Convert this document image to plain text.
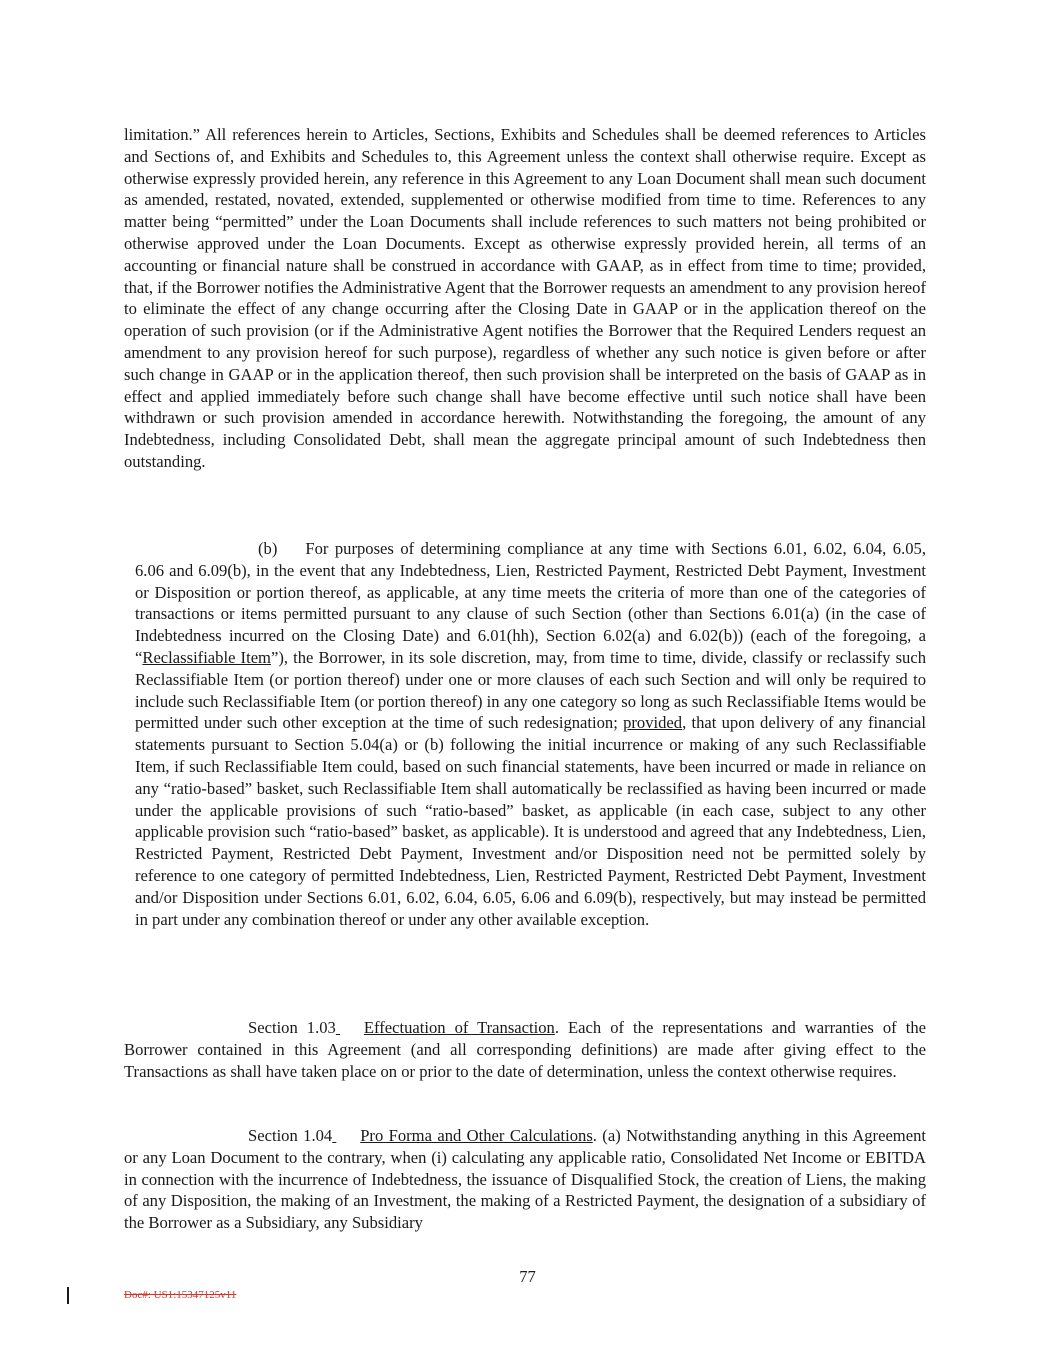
limitation.” All references herein to Articles, Sections, Exhibits and Schedules shall be deemed references to Articles and Sections of, and Exhibits and Schedules to, this Agreement unless the context shall otherwise require. Except as otherwise expressly provided herein, any reference in this Agreement to any Loan Document shall mean such document as amended, restated, novated, extended, supplemented or otherwise modified from time to time. References to any matter being “permitted” under the Loan Documents shall include references to such matters not being prohibited or otherwise approved under the Loan Documents. Except as otherwise expressly provided herein, all terms of an accounting or financial nature shall be construed in accordance with GAAP, as in effect from time to time; provided, that, if the Borrower notifies the Administrative Agent that the Borrower requests an amendment to any provision hereof to eliminate the effect of any change occurring after the Closing Date in GAAP or in the application thereof on the operation of such provision (or if the Administrative Agent notifies the Borrower that the Required Lenders request an amendment to any provision hereof for such purpose), regardless of whether any such notice is given before or after such change in GAAP or in the application thereof, then such provision shall be interpreted on the basis of GAAP as in effect and applied immediately before such change shall have become effective until such notice shall have been withdrawn or such provision amended in accordance herewith. Notwithstanding the foregoing, the amount of any Indebtedness, including Consolidated Debt, shall mean the aggregate principal amount of such Indebtedness then outstanding.

(b) For purposes of determining compliance at any time with Sections 6.01, 6.02, 6.04, 6.05, 6.06 and 6.09(b), in the event that any Indebtedness, Lien, Restricted Payment, Restricted Debt Payment, Investment or Disposition or portion thereof, as applicable, at any time meets the criteria of more than one of the categories of transactions or items permitted pursuant to any clause of such Section (other than Sections 6.01(a) (in the case of Indebtedness incurred on the Closing Date) and 6.01(hh), Section 6.02(a) and 6.02(b)) (each of the foregoing, a “Reclassifiable Item”), the Borrower, in its sole discretion, may, from time to time, divide, classify or reclassify such Reclassifiable Item (or portion thereof) under one or more clauses of each such Section and will only be required to include such Reclassifiable Item (or portion thereof) in any one category so long as such Reclassifiable Items would be permitted under such other exception at the time of such redesignation; provided, that upon delivery of any financial statements pursuant to Section 5.04(a) or (b) following the initial incurrence or making of any such Reclassifiable Item, if such Reclassifiable Item could, based on such financial statements, have been incurred or made in reliance on any “ratio-based” basket, such Reclassifiable Item shall automatically be reclassified as having been incurred or made under the applicable provisions of such “ratio-based” basket, as applicable (in each case, subject to any other applicable provision such “ratio-based” basket, as applicable). It is understood and agreed that any Indebtedness, Lien, Restricted Payment, Restricted Debt Payment, Investment and/or Disposition need not be permitted solely by reference to one category of permitted Indebtedness, Lien, Restricted Payment, Restricted Debt Payment, Investment and/or Disposition under Sections 6.01, 6.02, 6.04, 6.05, 6.06 and 6.09(b), respectively, but may instead be permitted in part under any combination thereof or under any other available exception.

Section 1.03 Effectuation of Transaction. Each of the representations and warranties of the Borrower contained in this Agreement (and all corresponding definitions) are made after giving effect to the Transactions as shall have taken place on or prior to the date of determination, unless the context otherwise requires.

Section 1.04 Pro Forma and Other Calculations. (a) Notwithstanding anything in this Agreement or any Loan Document to the contrary, when (i) calculating any applicable ratio, Consolidated Net Income or EBITDA in connection with the incurrence of Indebtedness, the issuance of Disqualified Stock, the creation of Liens, the making of any Disposition, the making of an Investment, the making of a Restricted Payment, the designation of a subsidiary of the Borrower as a Subsidiary, any Subsidiary

77
Doc#: US1:15347125v11
